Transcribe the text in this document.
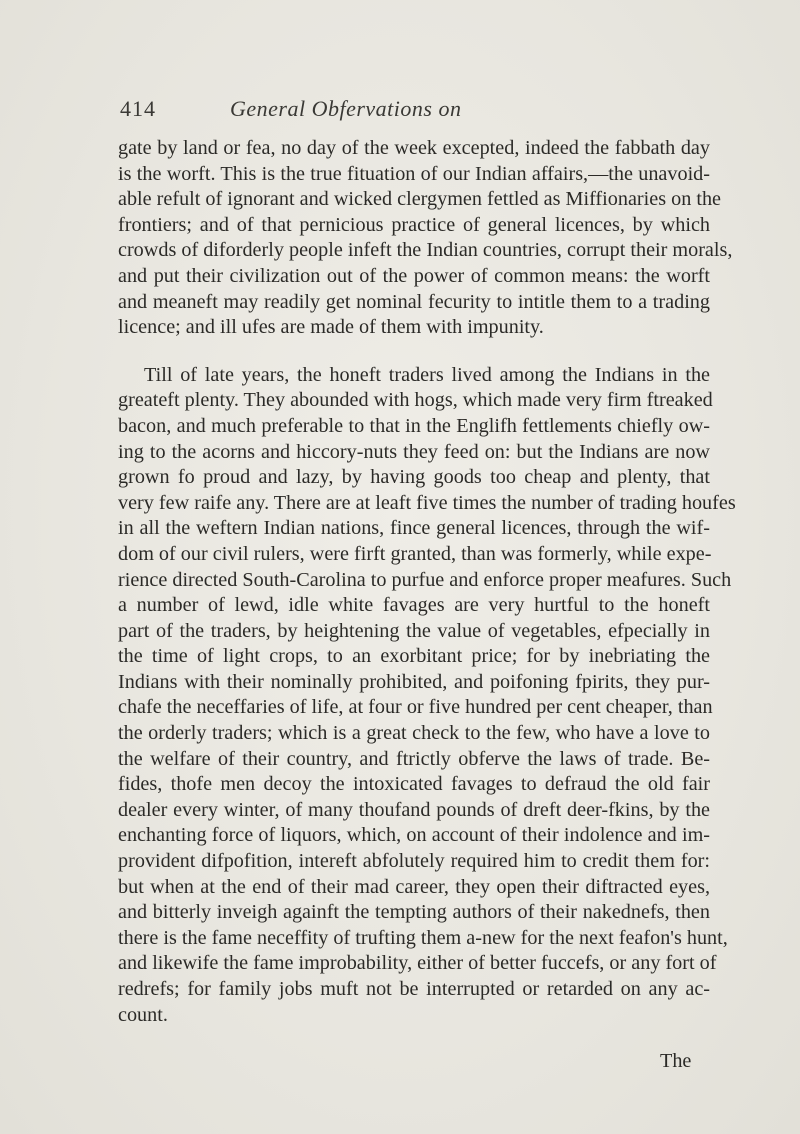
414	General Obfervations on

gate by land or fea, no day of the week excepted, indeed the fabbath day
is the worft. This is the true fituation of our Indian affairs,—the unavoid-
able refult of ignorant and wicked clergymen fettled as Miffionaries on the
frontiers; and of that pernicious practice of general licences, by which
crowds of diforderly people infeft the Indian countries, corrupt their morals,
and put their civilization out of the power of common means: the worft
and meaneft may readily get nominal fecurity to intitle them to a trading
licence; and ill ufes are made of them with impunity.

Till of late years, the honeft traders lived among the Indians in the
greateft plenty. They abounded with hogs, which made very firm ftreaked
bacon, and much preferable to that in the Englifh fettlements chiefly ow-
ing to the acorns and hiccory-nuts they feed on: but the Indians are now
grown fo proud and lazy, by having goods too cheap and plenty, that
very few raife any. There are at leaft five times the number of trading houfes
in all the weftern Indian nations, fince general licences, through the wif-
dom of our civil rulers, were firft granted, than was formerly, while expe-
rience directed South-Carolina to purfue and enforce proper meafures. Such
a number of lewd, idle white favages are very hurtful to the honeft
part of the traders, by heightening the value of vegetables, efpecially in
the time of light crops, to an exorbitant price; for by inebriating the
Indians with their nominally prohibited, and poifoning fpirits, they pur-
chafe the neceffaries of life, at four or five hundred per cent cheaper, than
the orderly traders; which is a great check to the few, who have a love to
the welfare of their country, and ftrictly obferve the laws of trade. Be-
fides, thofe men decoy the intoxicated favages to defraud the old fair
dealer every winter, of many thoufand pounds of dreft deer-fkins, by the
enchanting force of liquors, which, on account of their indolence and im-
provident difpofition, intereft abfolutely required him to credit them for:
but when at the end of their mad career, they open their diftracted eyes,
and bitterly inveigh againft the tempting authors of their nakednefs, then
there is the fame neceffity of trufting them a-new for the next feafon's hunt,
and likewife the fame improbability, either of better fuccefs, or any fort of
redrefs; for family jobs muft not be interrupted or retarded on any ac-
count.

The
